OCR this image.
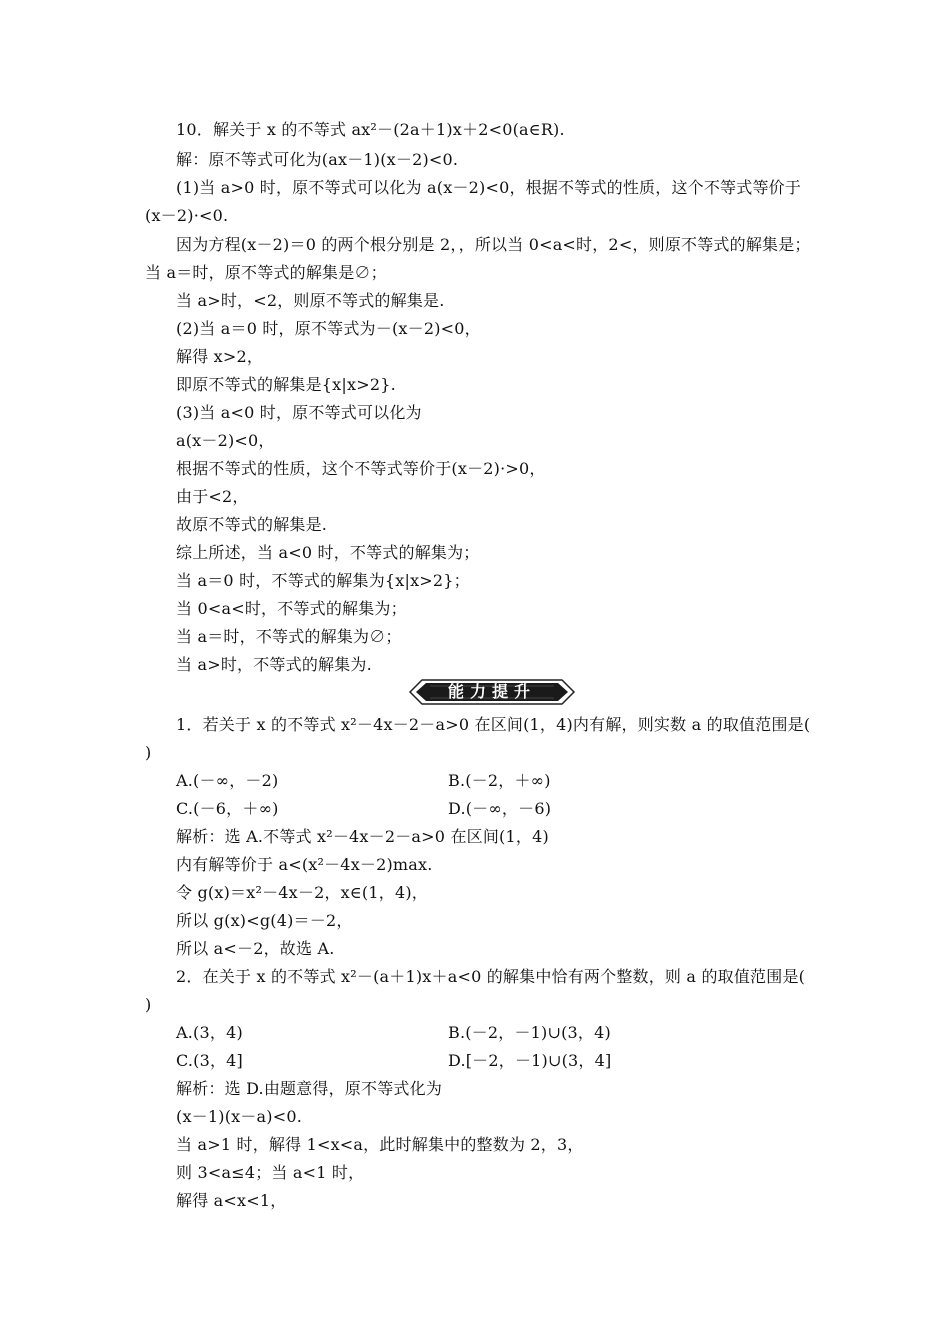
10．解关于 x 的不等式 ax²－(2a＋1)x＋2<0(a∈R).
解：原不等式可化为(ax－1)(x－2)<0.
(1)当 a>0 时，原不等式可以化为 a(x－2)<0，根据不等式的性质，这个不等式等价于
(x－2)·<0.
因为方程(x－2)＝0 的两个根分别是 2，，所以当 0<a<时，2<，则原不等式的解集是；
当 a＝时，原不等式的解集是∅；
当 a>时，<2，则原不等式的解集是.
(2)当 a＝0 时，原不等式为－(x－2)<0，
解得 x>2，
即原不等式的解集是{x|x>2}.
(3)当 a<0 时，原不等式可以化为
a(x－2)<0，
根据不等式的性质，这个不等式等价于(x－2)·>0，
由于<2，
故原不等式的解集是.
综上所述，当 a<0 时，不等式的解集为；
当 a＝0 时，不等式的解集为{x|x>2}；
当 0<a<时，不等式的解集为；
当 a＝时，不等式的解集为∅；
当 a>时，不等式的解集为.
能力提升
1．若关于 x 的不等式 x²－4x－2－a>0 在区间(1，4)内有解，则实数 a 的取值范围是(
)
A.(－∞，－2)	B.(－2，＋∞)
C.(－6，＋∞)	D.(－∞，－6)
解析：选 A.不等式 x²－4x－2－a>0 在区间(1，4)
内有解等价于 a<(x²－4x－2)max.
令 g(x)＝x²－4x－2，x∈(1，4)，
所以 g(x)<g(4)＝－2，
所以 a<－2，故选 A.
2．在关于 x 的不等式 x²－(a＋1)x＋a<0 的解集中恰有两个整数，则 a 的取值范围是(
)
A.(3，4)	B.(－2，－1)∪(3，4)
C.(3，4]	D.[－2，－1)∪(3，4]
解析：选 D.由题意得，原不等式化为
(x－1)(x－a)<0.
当 a>1 时，解得 1<x<a，此时解集中的整数为 2，3，
则 3<a≤4；当 a<1 时，
解得 a<x<1，
